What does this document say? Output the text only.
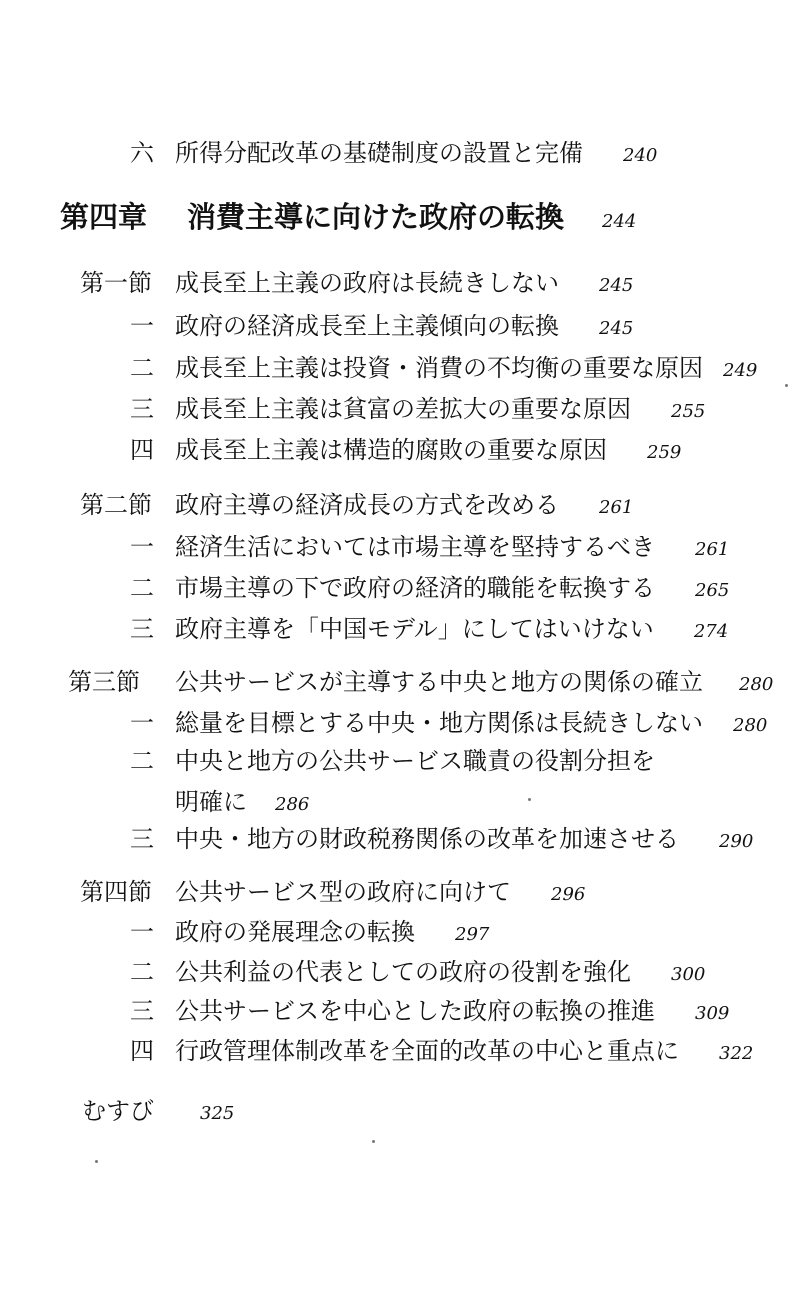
六 所得分配改革の基礎制度の設置と完備 240
第四章 消費主導に向けた政府の転換 244
第一節 成長至上主義の政府は長続きしない 245
一 政府の経済成長至上主義傾向の転換 245
二 成長至上主義は投資・消費の不均衡の重要な原因 249
三 成長至上主義は貧富の差拡大の重要な原因 255
四 成長至上主義は構造的腐敗の重要な原因 259
第二節 政府主導の経済成長の方式を改める 261
一 経済生活においては市場主導を堅持するべき 261
二 市場主導の下で政府の経済的職能を転換する 265
三 政府主導を「中国モデル」にしてはいけない 274
第三節 公共サービスが主導する中央と地方の関係の確立 280
一 総量を目標とする中央・地方関係は長続きしない 280
二 中央と地方の公共サービス職責の役割分担を
明確に 286
三 中央・地方の財政税務関係の改革を加速させる 290
第四節 公共サービス型の政府に向けて 296
一 政府の発展理念の転換 297
二 公共利益の代表としての政府の役割を強化 300
三 公共サービスを中心とした政府の転換の推進 309
四 行政管理体制改革を全面的改革の中心と重点に 322
むすび	325
